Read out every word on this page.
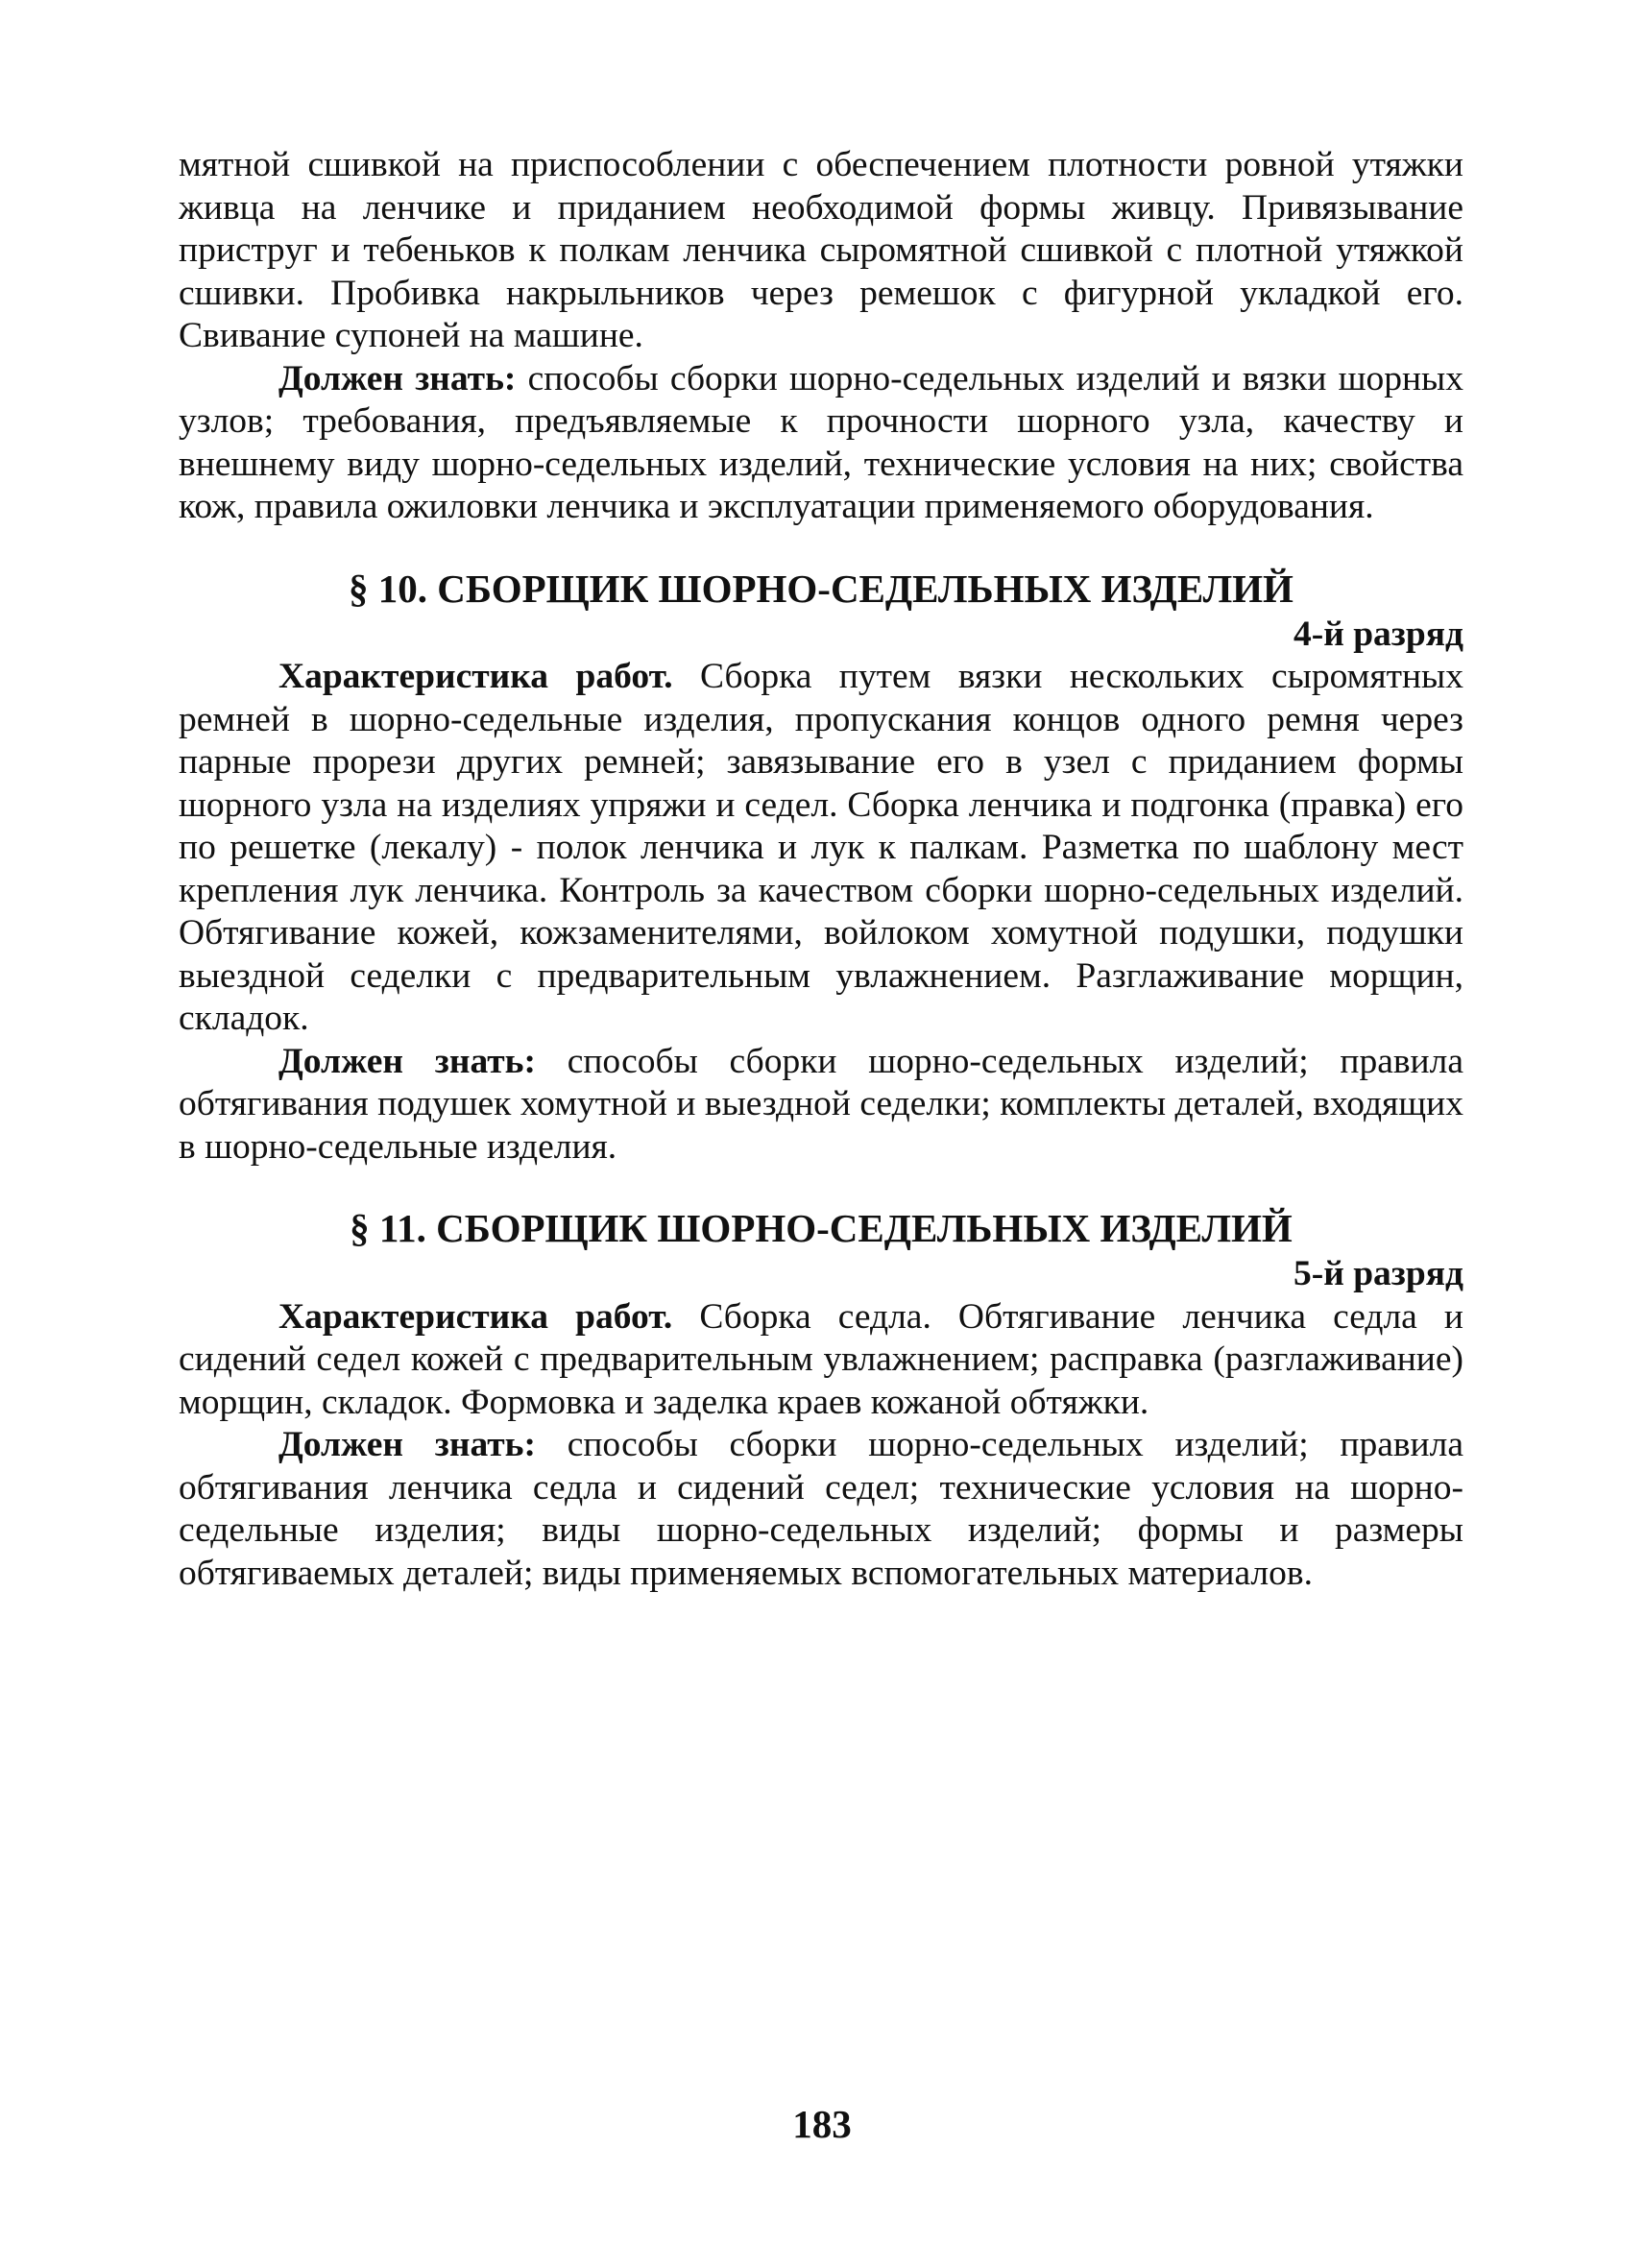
мятной сшивкой на приспособлении с обеспечением плотности ровной утяжки живца на ленчике и приданием необходимой формы живцу. Привязывание пристpуг и тебеньков к полкам ленчика сыромятной сшивкой с плотной утяжкой сшивки. Пробивка накрыльников через ремешок с фигурной укладкой его. Свивание супоней на машине.

Должен знать: способы сборки шорно-седельных изделий и вязки шорных узлов; требования, предъявляемые к прочности шорного узла, качеству и внешнему виду шорно-седельных изделий, технические условия на них; свойства кож, правила ожиловки ленчика и эксплуатации применяемого оборудования.

§ 10. СБОРЩИК ШОРНО-СЕДЕЛЬНЫХ ИЗДЕЛИЙ

4-й разряд

Характеристика работ. Сборка путем вязки нескольких сыромятных ремней в шорно-седельные изделия, пропускания концов одного ремня через парные прорези других ремней; завязывание его в узел с приданием формы шорного узла на изделиях упряжи и седел. Сборка ленчика и подгонка (правка) его по решетке (лекалу) - полок ленчика и лук к палкам. Разметка по шаблону мест крепления лук ленчика. Контроль за качеством сборки шорно-седельных изделий. Обтягивание кожей, кожзаменителями, войлоком хомутной подушки, подушки выездной седелки с предварительным увлажнением. Разглаживание морщин, складок.

Должен знать: способы сборки шорно-седельных изделий; правила обтягивания подушек хомутной и выездной седелки; комплекты деталей, входящих в шорно-седельные изделия.

§ 11. СБОРЩИК ШОРНО-СЕДЕЛЬНЫХ ИЗДЕЛИЙ

5-й разряд

Характеристика работ. Сборка седла. Обтягивание ленчика седла и сидений седел кожей с предварительным увлажнением; расправка (разглаживание) морщин, складок. Формовка и заделка краев кожаной обтяжки.

Должен знать: способы сборки шорно-седельных изделий; правила обтягивания ленчика седла и сидений седел; технические условия на шорно-седельные изделия; виды шорно-седельных изделий; формы и размеры обтягиваемых деталей; виды применяемых вспомогательных материалов.

183
